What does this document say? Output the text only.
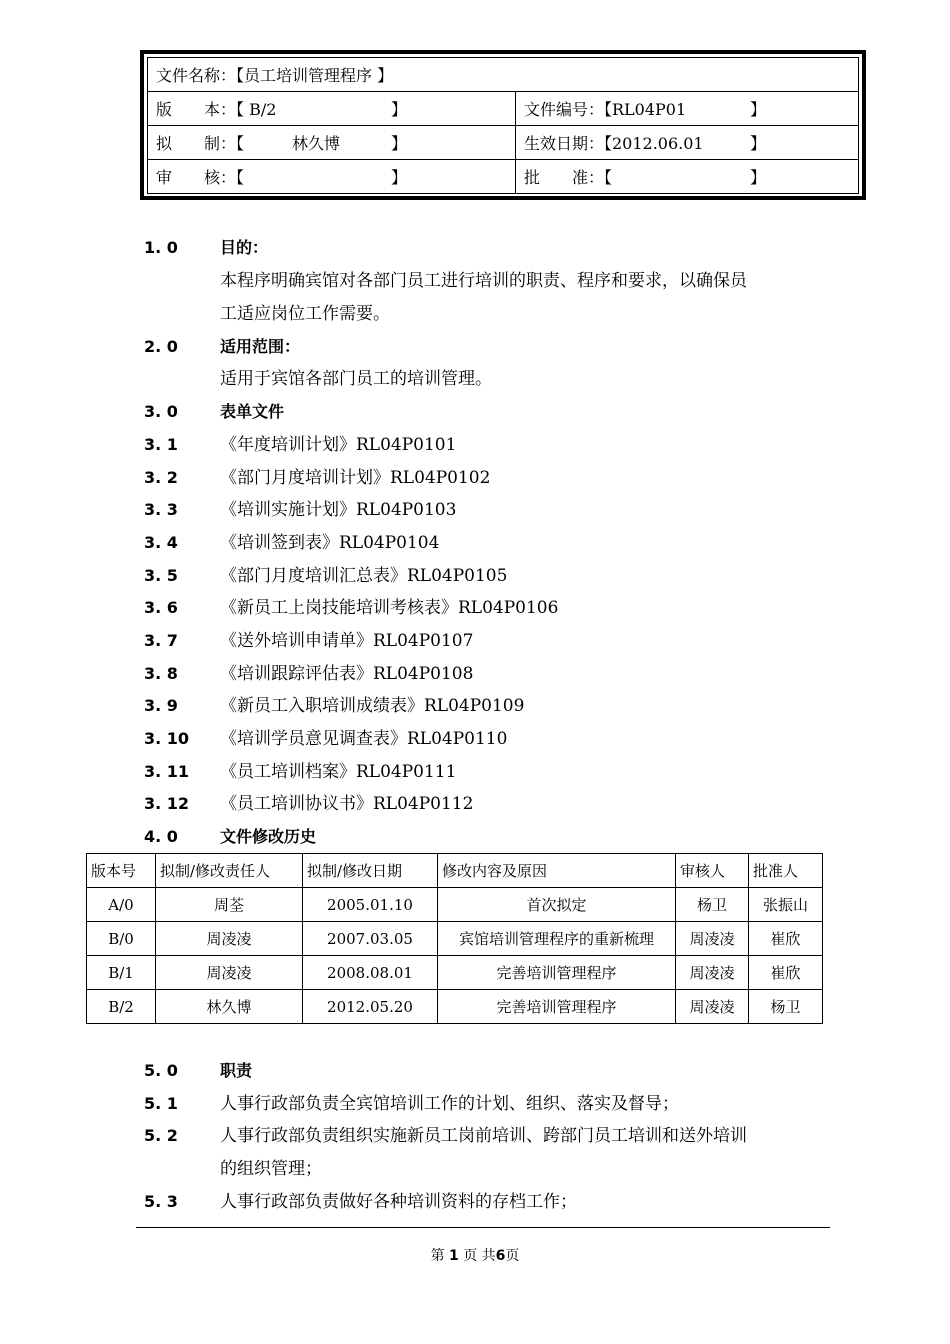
文件名称：【员工培训管理程序 】	
版　　本：【 B/2 】	文件编号：【RL04P01 】

拟　　制：【　　　林久博 】	生效日期：【2012.06.01 】

审　　核：【 】	批　　准：【 】
1. 0	目的：
本程序明确宾馆对各部门员工进行培训的职责、程序和要求，以确保员
工适应岗位工作需要。
2. 0	适用范围：
适用于宾馆各部门员工的培训管理。
3. 0	表单文件
3. 1 《年度培训计划》RL04P0101
3. 2 《部门月度培训计划》RL04P0102
3. 3 《培训实施计划》RL04P0103
3. 4 《培训签到表》RL04P0104
3. 5 《部门月度培训汇总表》RL04P0105
3. 6 《新员工上岗技能培训考核表》RL04P0106
3. 7 《送外培训申请单》RL04P0107
3. 8 《培训跟踪评估表》RL04P0108
3. 9 《新员工入职培训成绩表》RL04P0109
3. 10 《培训学员意见调查表》RL04P0110
3. 11 《员工培训档案》RL04P0111
3. 12 《员工培训协议书》RL04P0112
4. 0	文件修改历史
版本号	拟制/修改责任人	拟制/修改日期	修改内容及原因	审核人	批准人
A/0	周荃	2005.01.10	首次拟定	杨卫	张振山
B/0	周凌凌	2007.03.05	宾馆培训管理程序的重新梳理	周凌凌	崔欣
B/1	周凌凌	2008.08.01	完善培训管理程序	周凌凌	崔欣
B/2	林久博	2012.05.20	完善培训管理程序	周凌凌	杨卫
5. 0	职责
5. 1 人事行政部负责全宾馆培训工作的计划、组织、落实及督导；
5. 2 人事行政部负责组织实施新员工岗前培训、跨部门员工培训和送外培训
的组织管理；
5. 3 人事行政部负责做好各种培训资料的存档工作；
第 1 页 共6页
